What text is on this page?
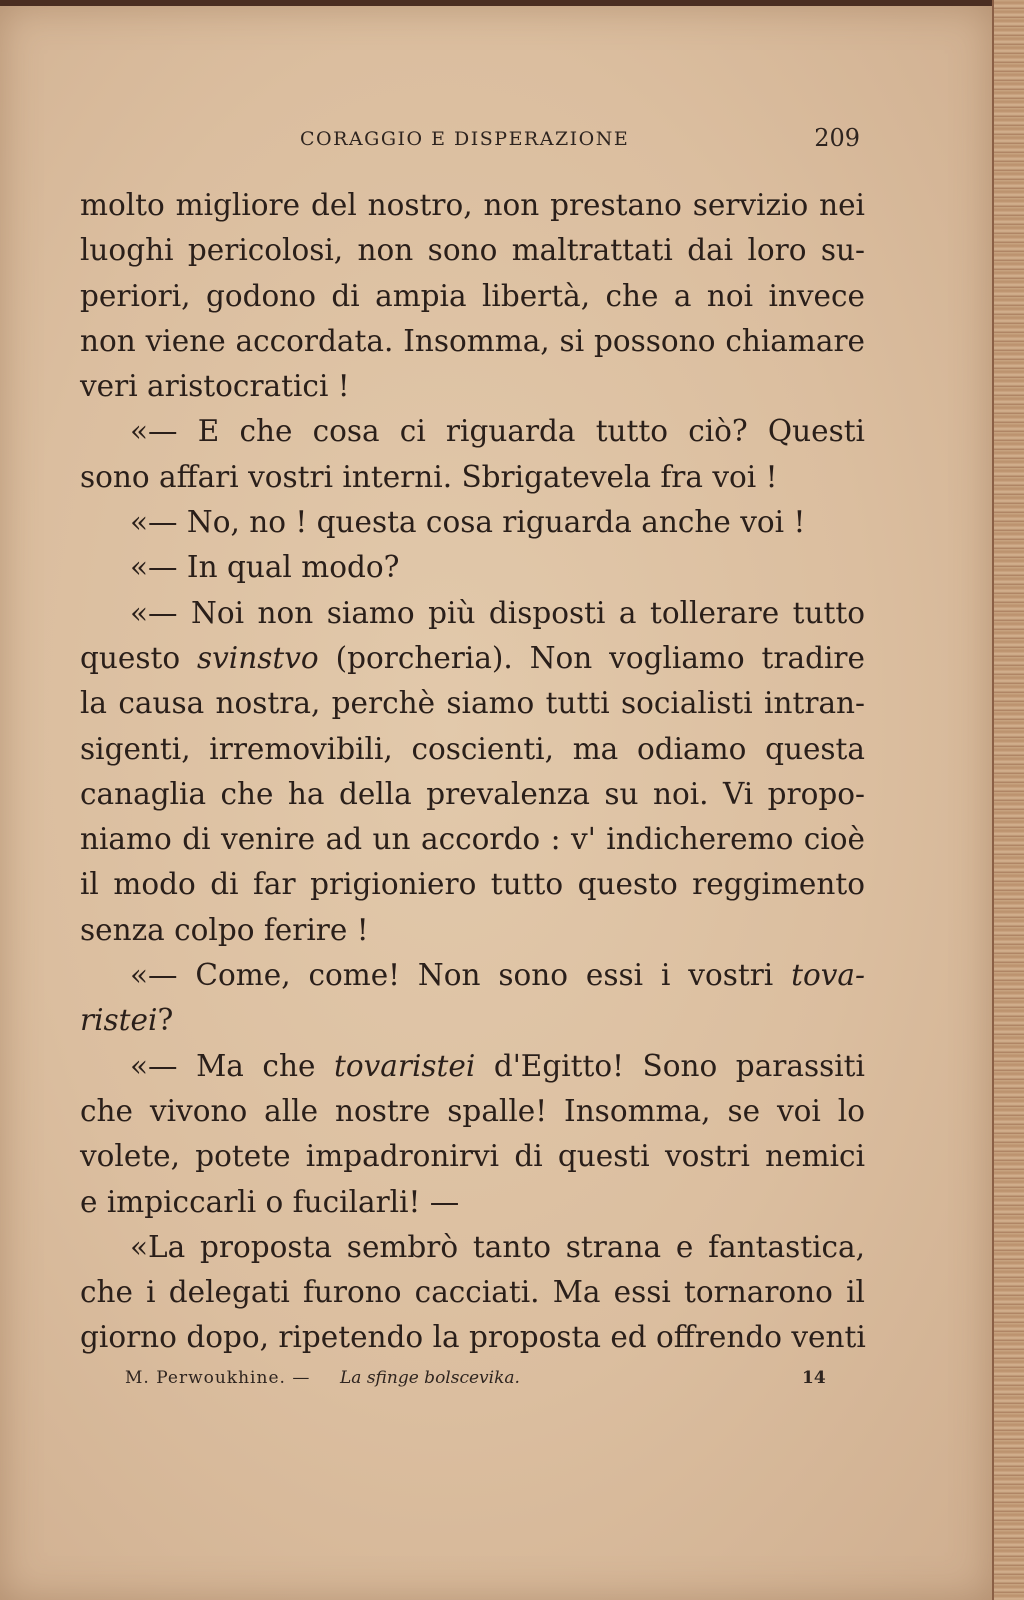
CORAGGIO E DISPERAZIONE	209
molto migliore del nostro, non prestano servizio nei
luoghi pericolosi, non sono maltrattati dai loro su-
periori, godono di ampia libertà, che a noi invece
non viene accordata. Insomma, si possono chiamare
veri aristocratici !
«— E che cosa ci riguarda tutto ciò? Questi
sono affari vostri interni. Sbrigatevela fra voi !
«— No, no ! questa cosa riguarda anche voi !
«— In qual modo?
«— Noi non siamo più disposti a tollerare tutto
questo svinstvo (porcheria). Non vogliamo tradire
la causa nostra, perchè siamo tutti socialisti intran-
sigenti, irremovibili, coscienti, ma odiamo questa
canaglia che ha della prevalenza su noi. Vi propo-
niamo di venire ad un accordo : v' indicheremo cioè
il modo di far prigioniero tutto questo reggimento
senza colpo ferire !
«— Come, come! Non sono essi i vostri tova-
ristei?
«— Ma che tovaristei d'Egitto! Sono parassiti
che vivono alle nostre spalle! Insomma, se voi lo
volete, potete impadronirvi di questi vostri nemici
e impiccarli o fucilarli! —
«La proposta sembrò tanto strana e fantastica,
che i delegati furono cacciati. Ma essi tornarono il
giorno dopo, ripetendo la proposta ed offrendo venti
M. Perwoukhine. — La sfinge bolscevika.	14
